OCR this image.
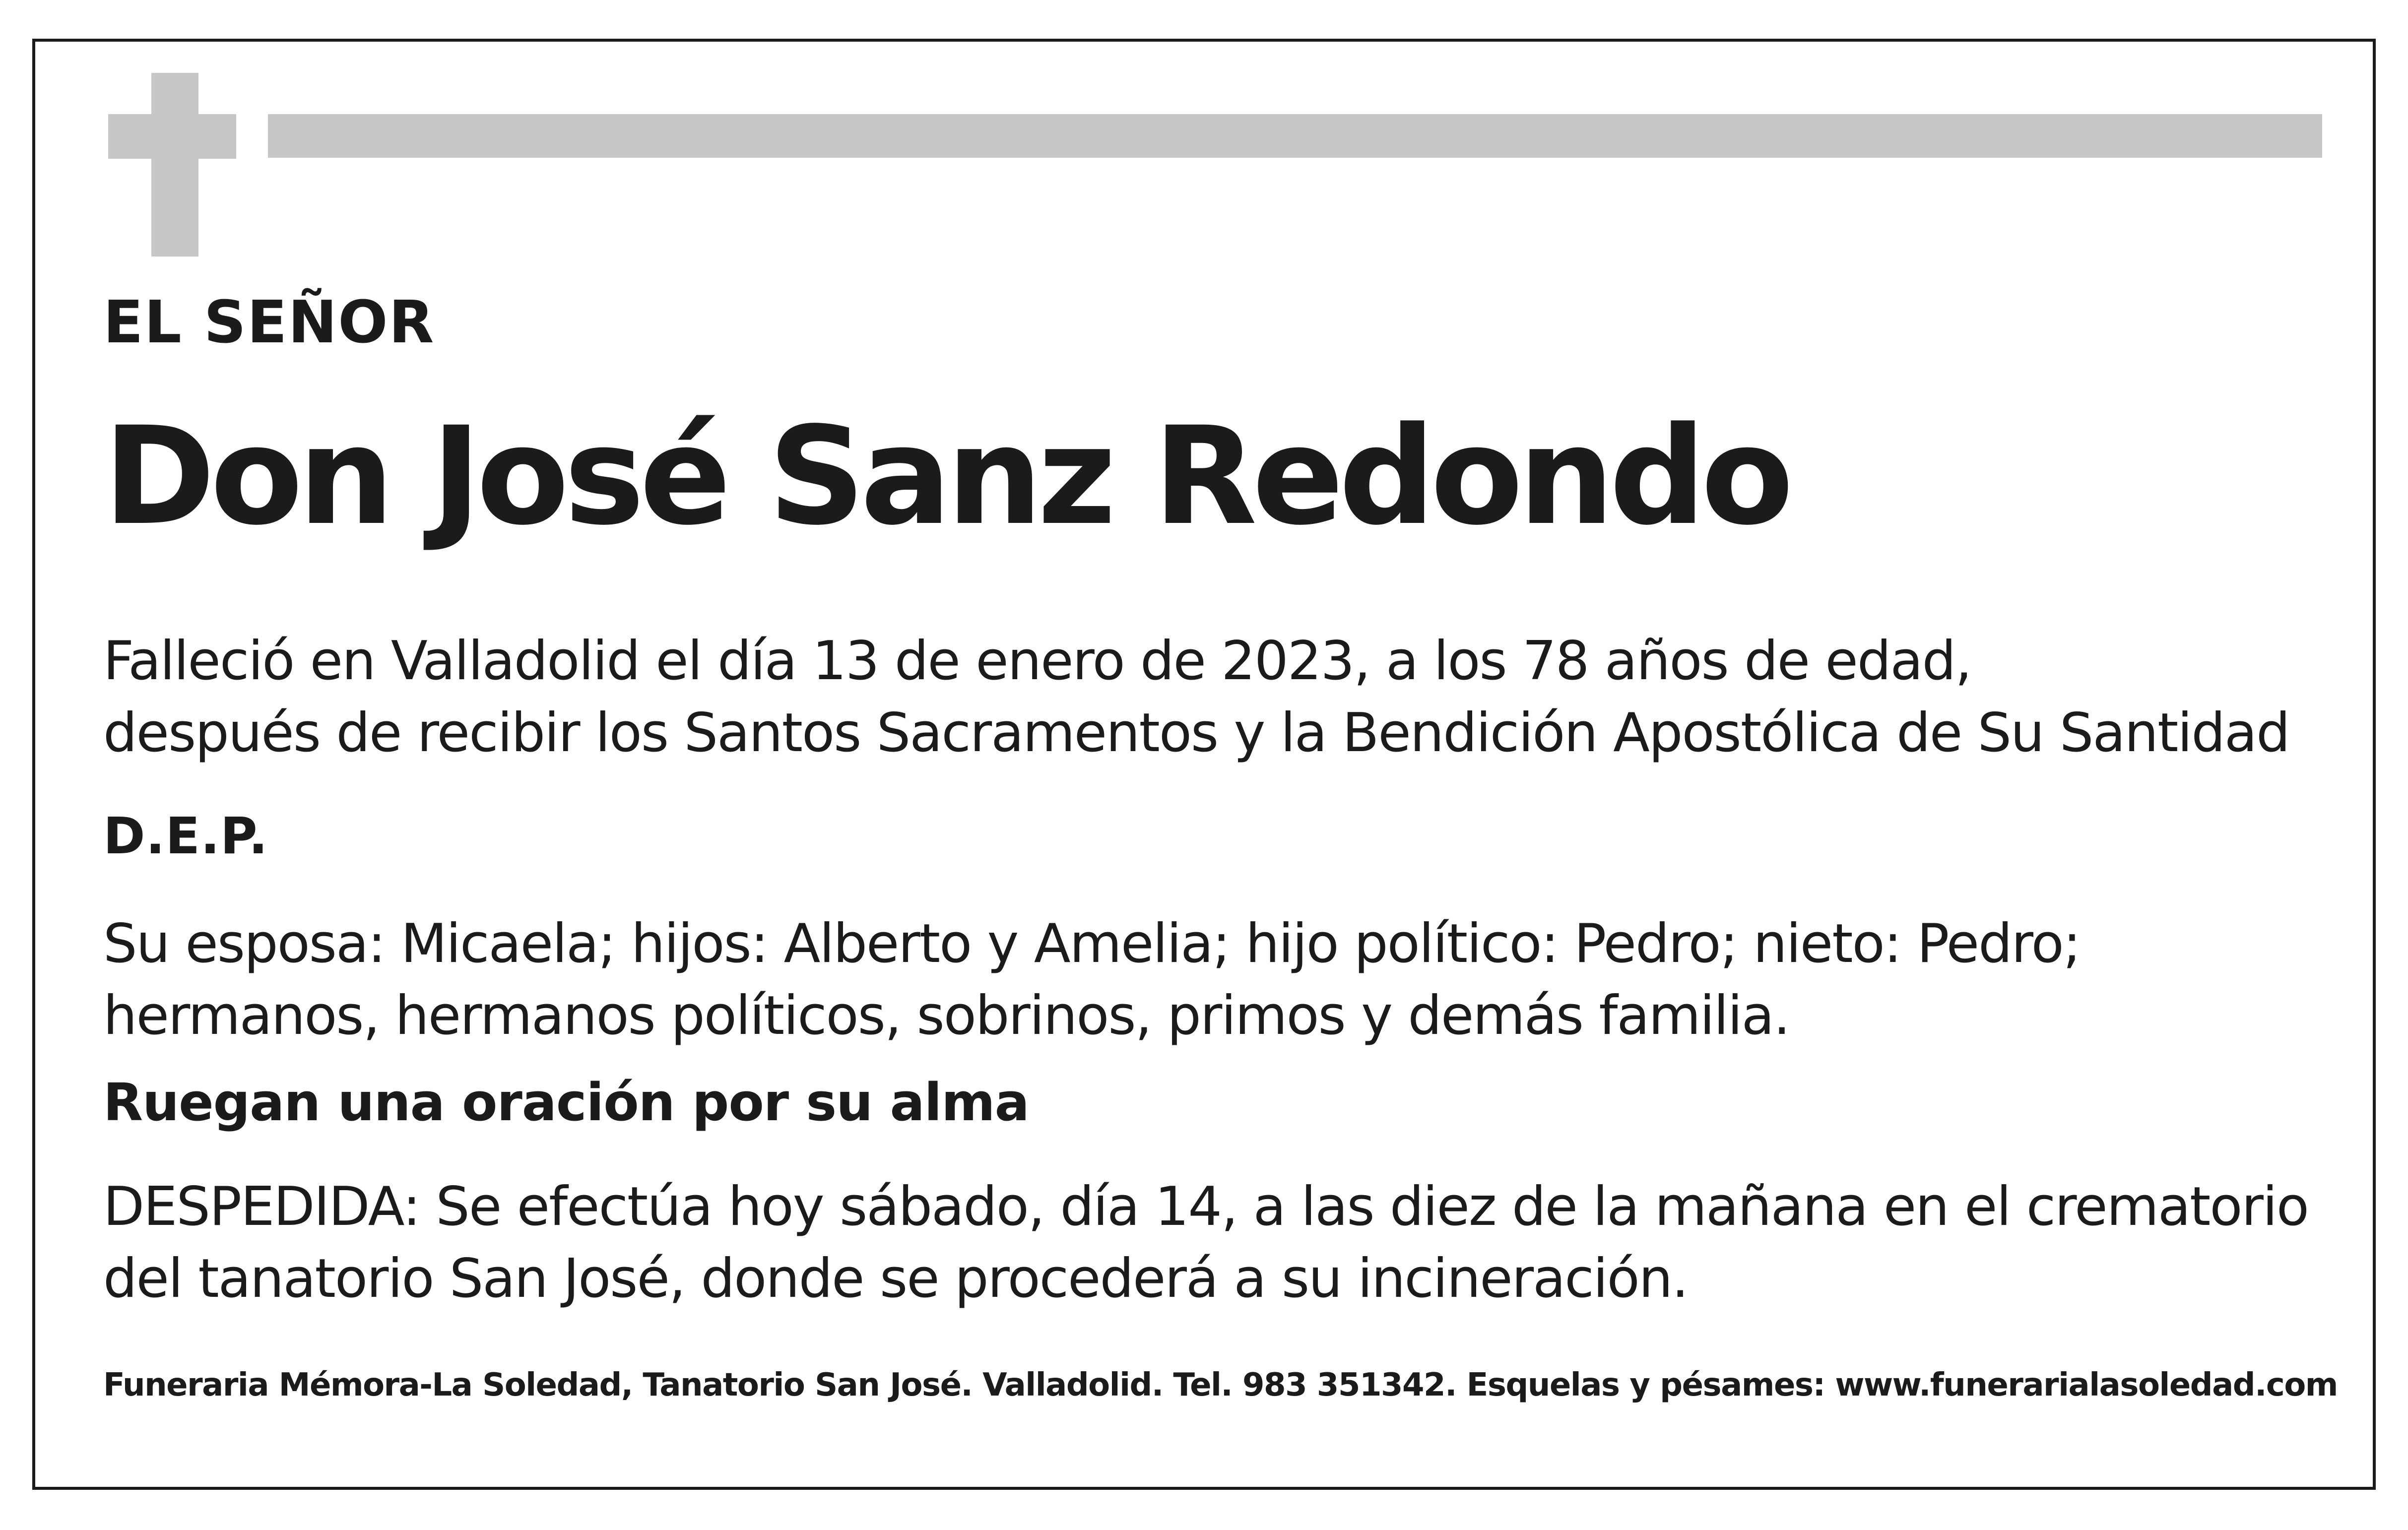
EL SEÑOR

Don José Sanz Redondo

Falleció en Valladolid el día 13 de enero de 2023, a los 78 años de edad,
después de recibir los Santos Sacramentos y la Bendición Apostólica de Su Santidad

D.E.P.

Su esposa: Micaela; hijos: Alberto y Amelia; hijo político: Pedro; nieto: Pedro;
hermanos, hermanos políticos, sobrinos, primos y demás familia.

Ruegan una oración por su alma

DESPEDIDA: Se efectúa hoy sábado, día 14, a las diez de la mañana en el crematorio
del tanatorio San José, donde se procederá a su incineración.

Funeraria Mémora-La Soledad, Tanatorio San José. Valladolid. Tel. 983 351342. Esquelas y pésames: www.funerarialasoledad.com
